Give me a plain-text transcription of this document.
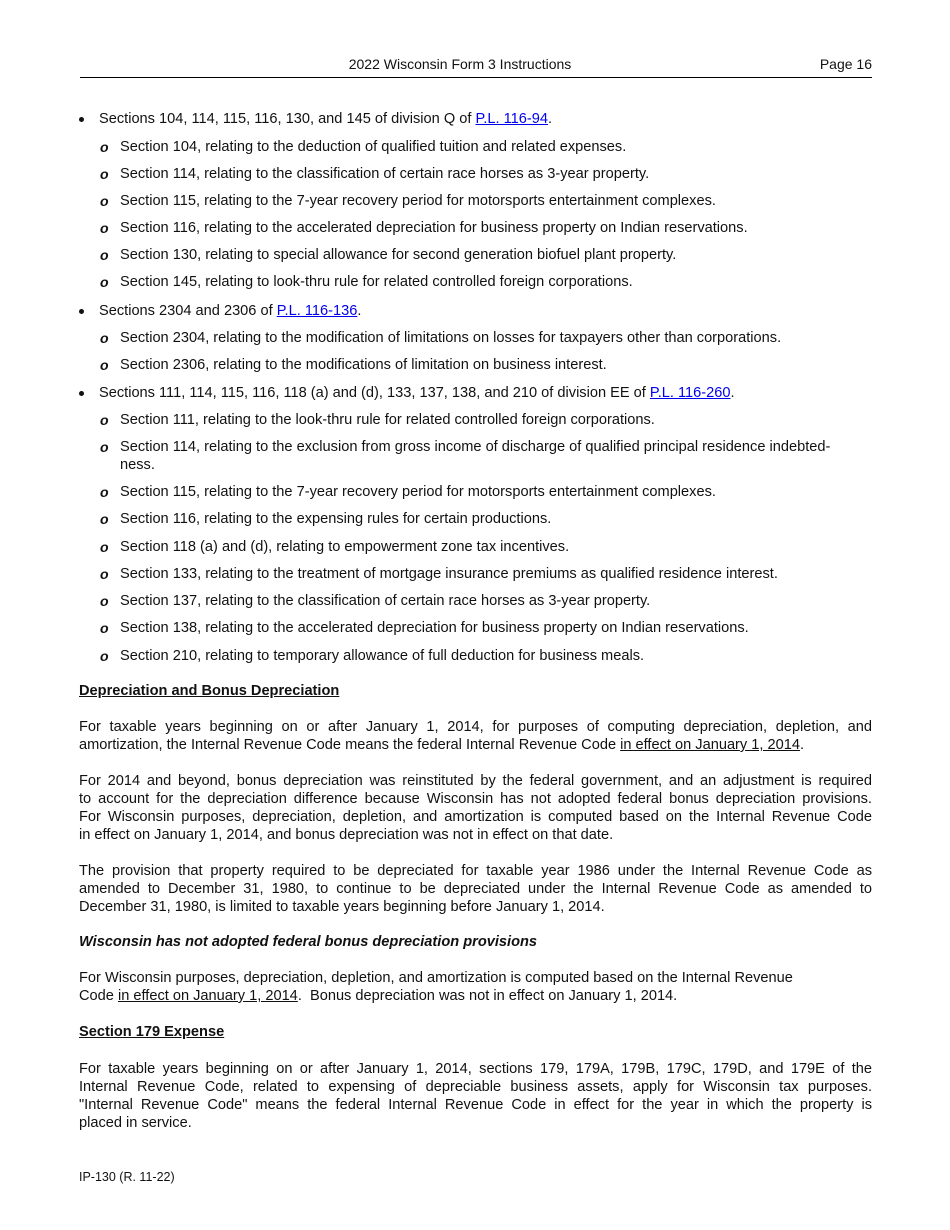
2022 Wisconsin Form 3 Instructions	Page 16
Sections 104, 114, 115, 116, 130, and 145 of division Q of P.L. 116-94.
o Section 104, relating to the deduction of qualified tuition and related expenses.
o Section 114, relating to the classification of certain race horses as 3-year property.
o Section 115, relating to the 7-year recovery period for motorsports entertainment complexes.
o Section 116, relating to the accelerated depreciation for business property on Indian reservations.
o Section 130, relating to special allowance for second generation biofuel plant property.
o Section 145, relating to look-thru rule for related controlled foreign corporations.
Sections 2304 and 2306 of P.L. 116-136.
o Section 2304, relating to the modification of limitations on losses for taxpayers other than corporations.
o Section 2306, relating to the modifications of limitation on business interest.
Sections 111, 114, 115, 116, 118 (a) and (d), 133, 137, 138, and 210 of division EE of P.L. 116-260.
o Section 111, relating to the look-thru rule for related controlled foreign corporations.
o Section 114, relating to the exclusion from gross income of discharge of qualified principal residence indebted-
ness.
o Section 115, relating to the 7-year recovery period for motorsports entertainment complexes.
o Section 116, relating to the expensing rules for certain productions.
o Section 118 (a) and (d), relating to empowerment zone tax incentives.
o Section 133, relating to the treatment of mortgage insurance premiums as qualified residence interest.
o Section 137, relating to the classification of certain race horses as 3-year property.
o Section 138, relating to the accelerated depreciation for business property on Indian reservations.
o Section 210, relating to temporary allowance of full deduction for business meals.
Depreciation and Bonus Depreciation
For taxable years beginning on or after January 1, 2014, for purposes of computing depreciation, depletion, and
amortization, the Internal Revenue Code means the federal Internal Revenue Code in effect on January 1, 2014.
For 2014 and beyond, bonus depreciation was reinstituted by the federal government, and an adjustment is required
to account for the depreciation difference because Wisconsin has not adopted federal bonus depreciation provisions.
For Wisconsin purposes, depreciation, depletion, and amortization is computed based on the Internal Revenue Code
in effect on January 1, 2014, and bonus depreciation was not in effect on that date.
The provision that property required to be depreciated for taxable year 1986 under the Internal Revenue Code as
amended to December 31, 1980, to continue to be depreciated under the Internal Revenue Code as amended to
December 31, 1980, is limited to taxable years beginning before January 1, 2014.
Wisconsin has not adopted federal bonus depreciation provisions
For Wisconsin purposes, depreciation, depletion, and amortization is computed based on the Internal Revenue
Code in effect on January 1, 2014.  Bonus depreciation was not in effect on January 1, 2014.
Section 179 Expense
For taxable years beginning on or after January 1, 2014, sections 179, 179A, 179B, 179C, 179D, and 179E of the
Internal Revenue Code, related to expensing of depreciable business assets, apply for Wisconsin tax purposes.
"Internal Revenue Code" means the federal Internal Revenue Code in effect for the year in which the property is
placed in service.
IP-130 (R. 11-22)
